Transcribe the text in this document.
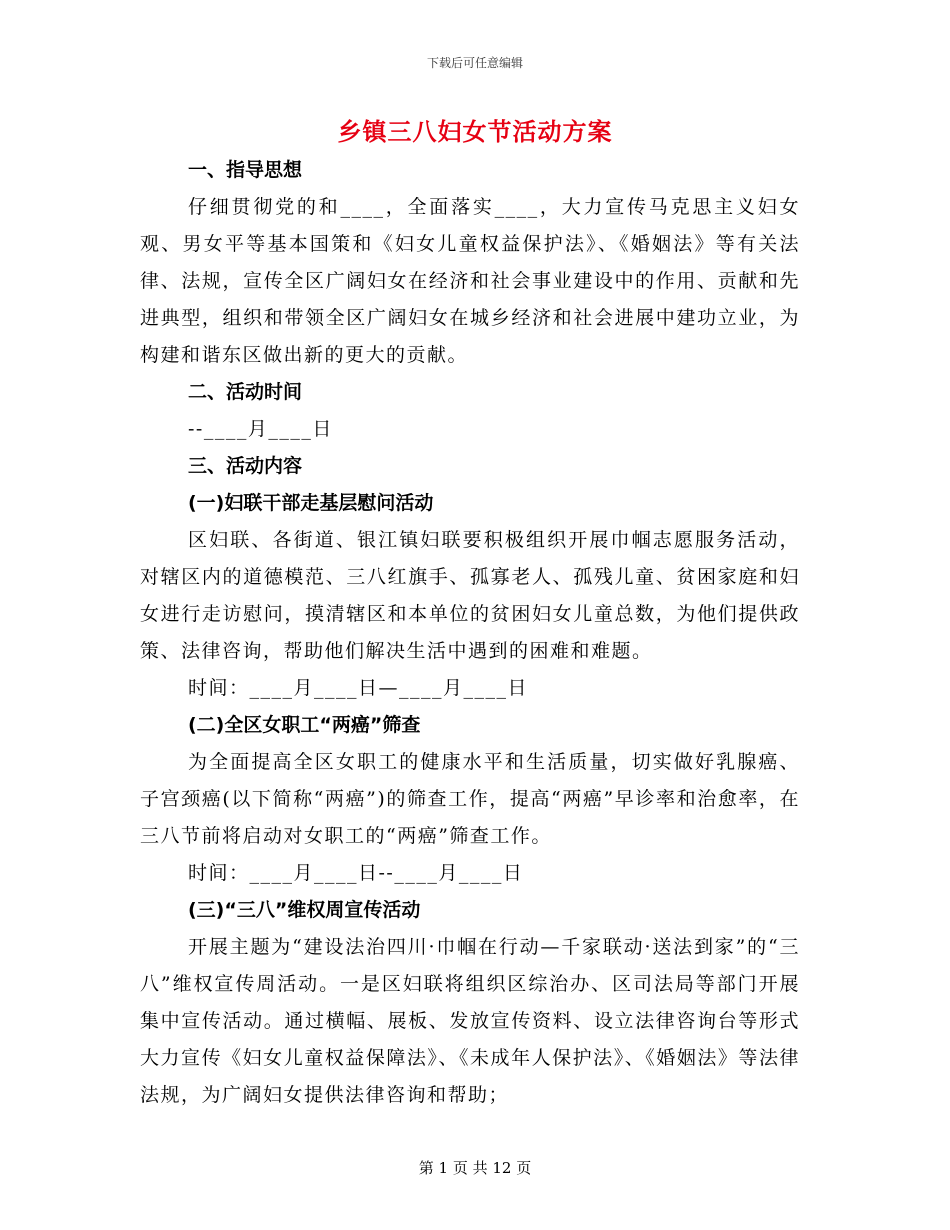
下载后可任意编辑
乡镇三八妇女节活动方案
一、指导思想

仔细贯彻党的和____，全面落实____，大力宣传马克思主义妇女观、男女平等基本国策和《妇女儿童权益保护法》、《婚姻法》等有关法律、法规，宣传全区广阔妇女在经济和社会事业建设中的作用、贡献和先进典型，组织和带领全区广阔妇女在城乡经济和社会进展中建功立业，为构建和谐东区做出新的更大的贡献。

二、活动时间
--____月____日
三、活动内容
(一)妇联干部走基层慰问活动

区妇联、各街道、银江镇妇联要积极组织开展巾帼志愿服务活动，对辖区内的道德模范、三八红旗手、孤寡老人、孤残儿童、贫困家庭和妇女进行走访慰问，摸清辖区和本单位的贫困妇女儿童总数，为他们提供政策、法律咨询，帮助他们解决生活中遇到的困难和难题。

时间：____月____日—____月____日
(二)全区女职工“两癌”筛查

为全面提高全区女职工的健康水平和生活质量，切实做好乳腺癌、子宫颈癌(以下简称“两癌”)的筛查工作，提高“两癌”早诊率和治愈率，在三八节前将启动对女职工的“两癌”筛查工作。

时间：____月____日--____月____日
(三)“三八”维权周宣传活动

开展主题为“建设法治四川·巾帼在行动—千家联动·送法到家”的“三八”维权宣传周活动。一是区妇联将组织区综治办、区司法局等部门开展集中宣传活动。通过横幅、展板、发放宣传资料、设立法律咨询台等形式大力宣传《妇女儿童权益保障法》、《未成年人保护法》、《婚姻法》等法律法规，为广阔妇女提供法律咨询和帮助；

第 1 页 共 12 页
